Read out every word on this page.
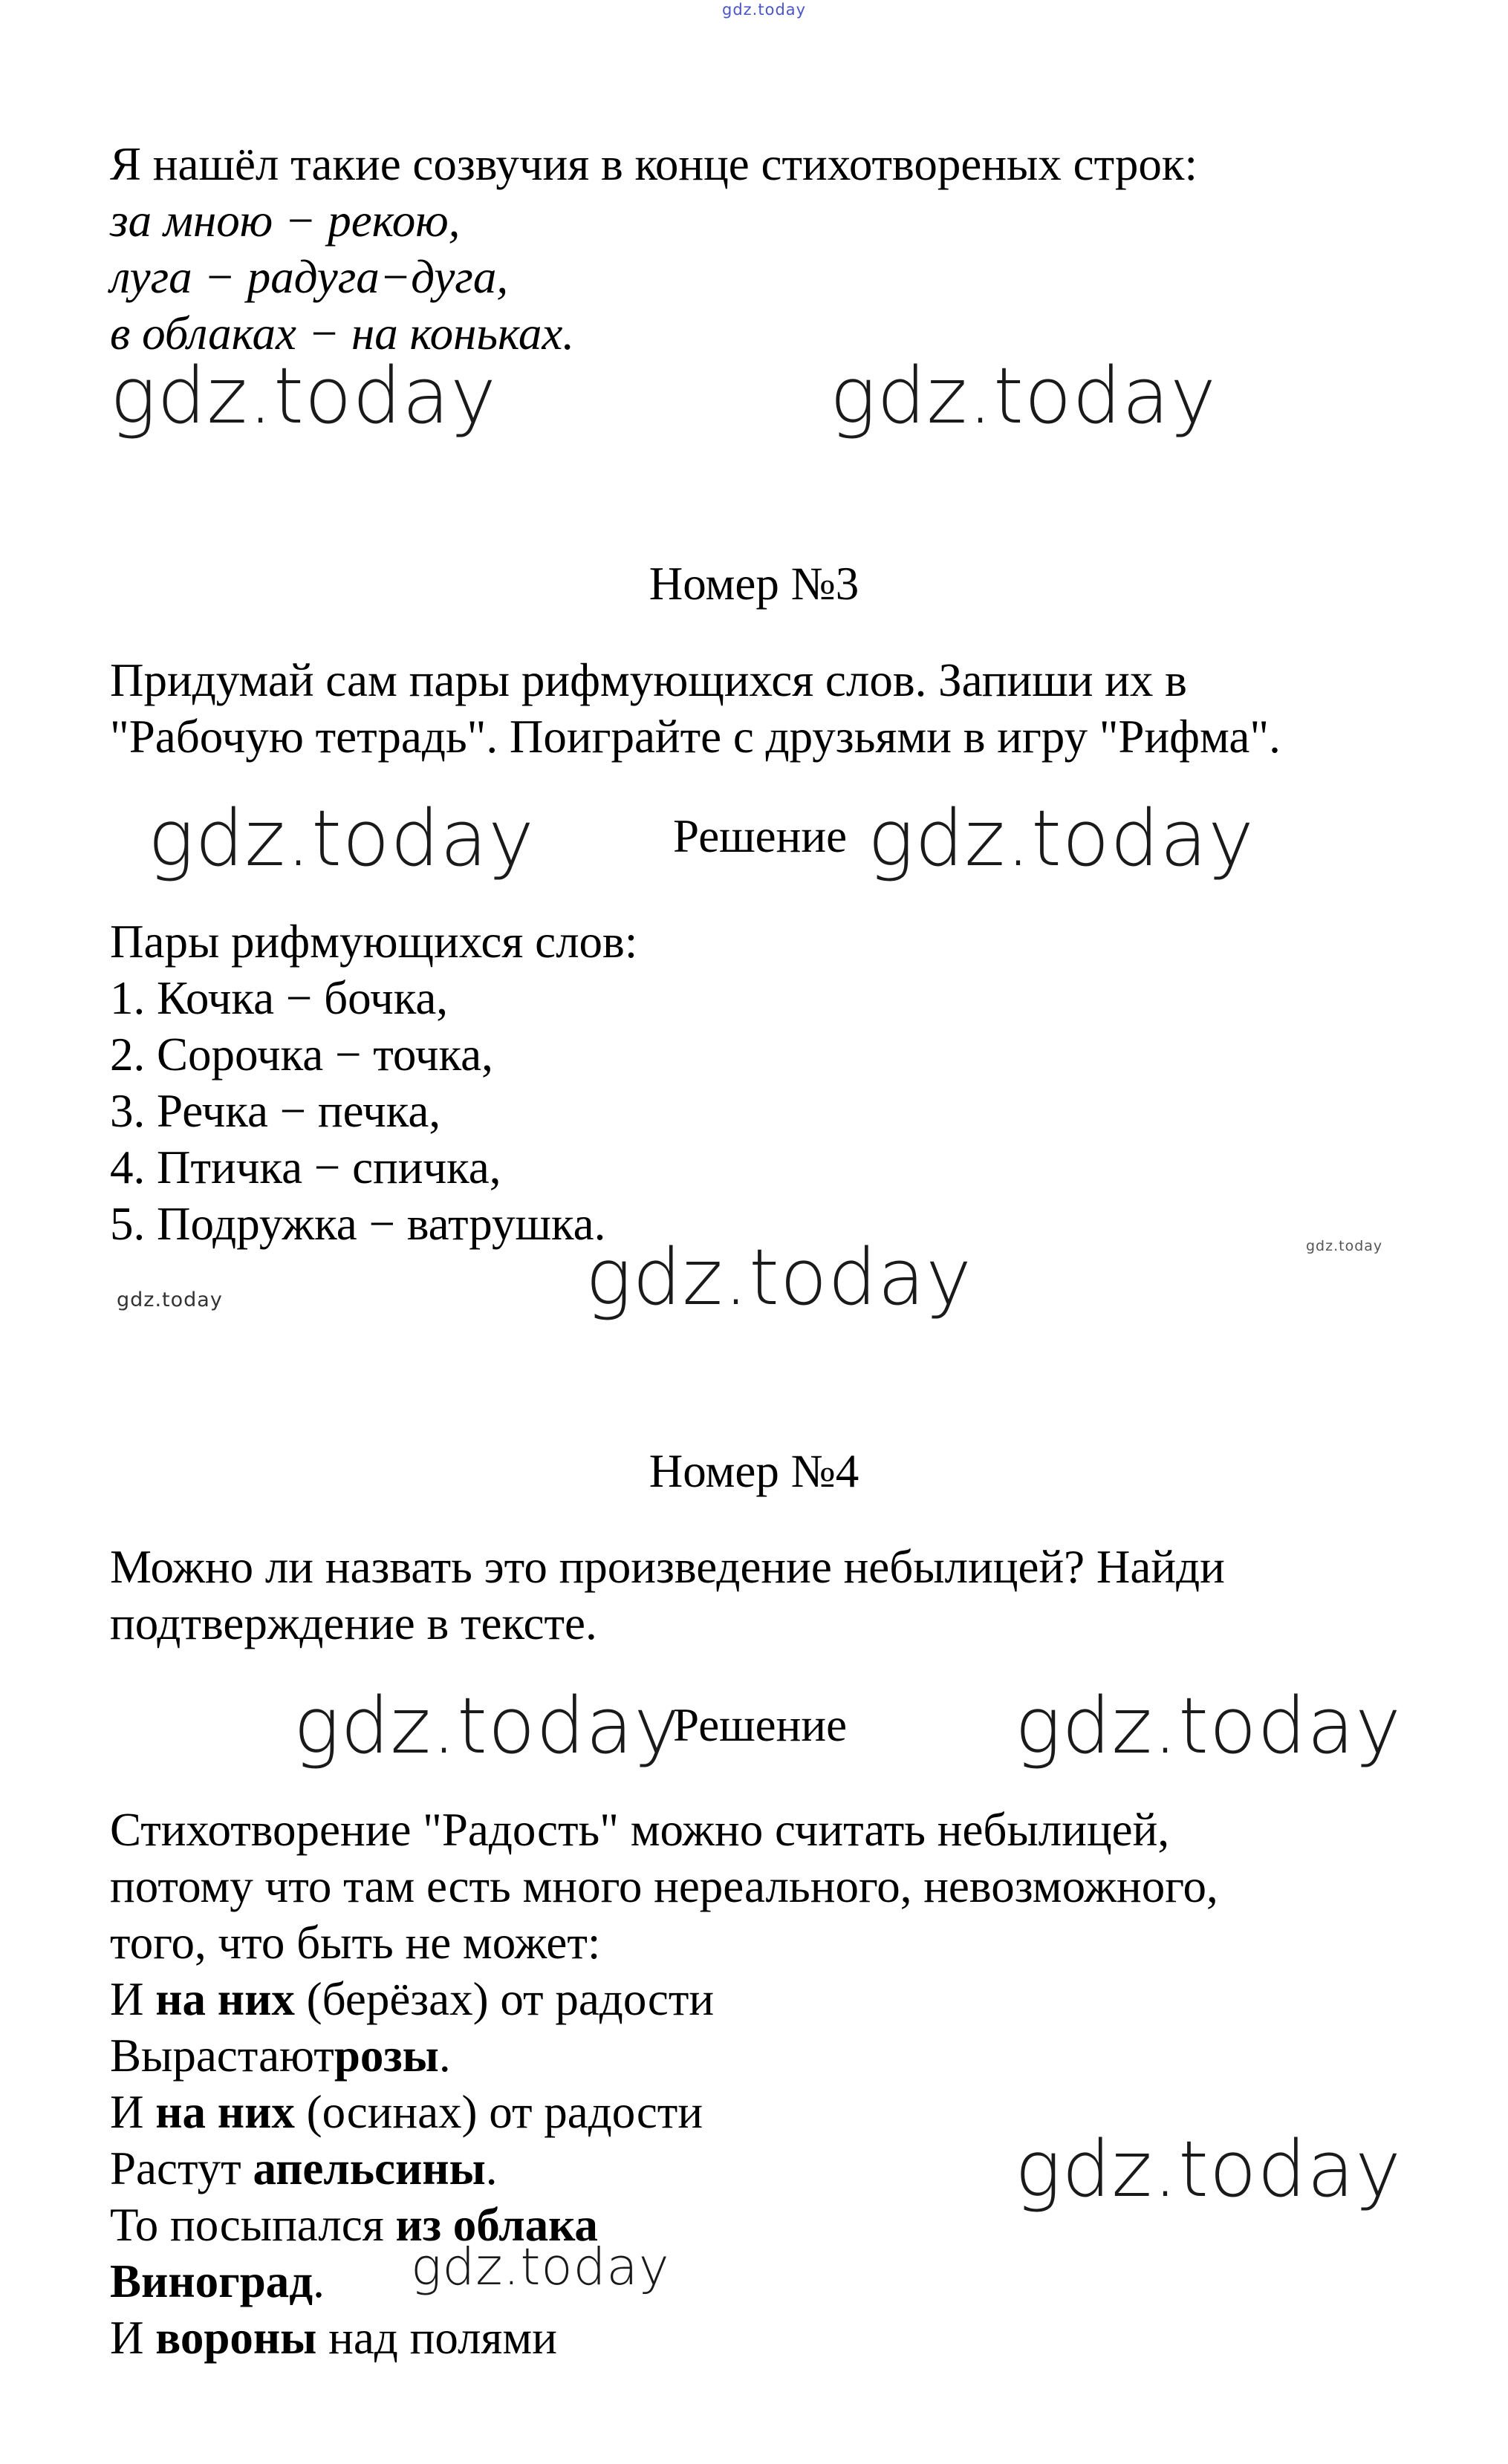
gdz.today
Я нашёл такие созвучия в конце стихотвореных строк:
за мною − рекою,
луга − радуга−дуга,
в облаках − на коньках.
gdz.today	gdz.today
Номер №3
Придумай сам пары рифмующихся слов. Запиши их в
"Рабочую тетрадь". Поиграйте с друзьями в игру "Рифма".
gdz.today	Решение gdz.today
Пары рифмующихся слов:
1. Кочка − бочка,
2. Сорочка − точка,
3. Речка − печка,
4. Птичка − спичка,
5. Подружка − ватрушка.	gdz.today
gdz.today
gdz.today
Номер №4
Можно ли назвать это произведение небылицей? Найди
подтверждение в тексте.
gdz.today
Решение gdz.today
Стихотворение "Радость" можно считать небылицей,
потому что там есть много нереального, невозможного,
того, что быть не может:
И на них (берёзах) от радости
Вырастаютрозы.
И на них (осинах) от радости
Растут апельсины.	gdz.today
То посыпался из облака
Виноград. gdz.today
И вороны над полями
